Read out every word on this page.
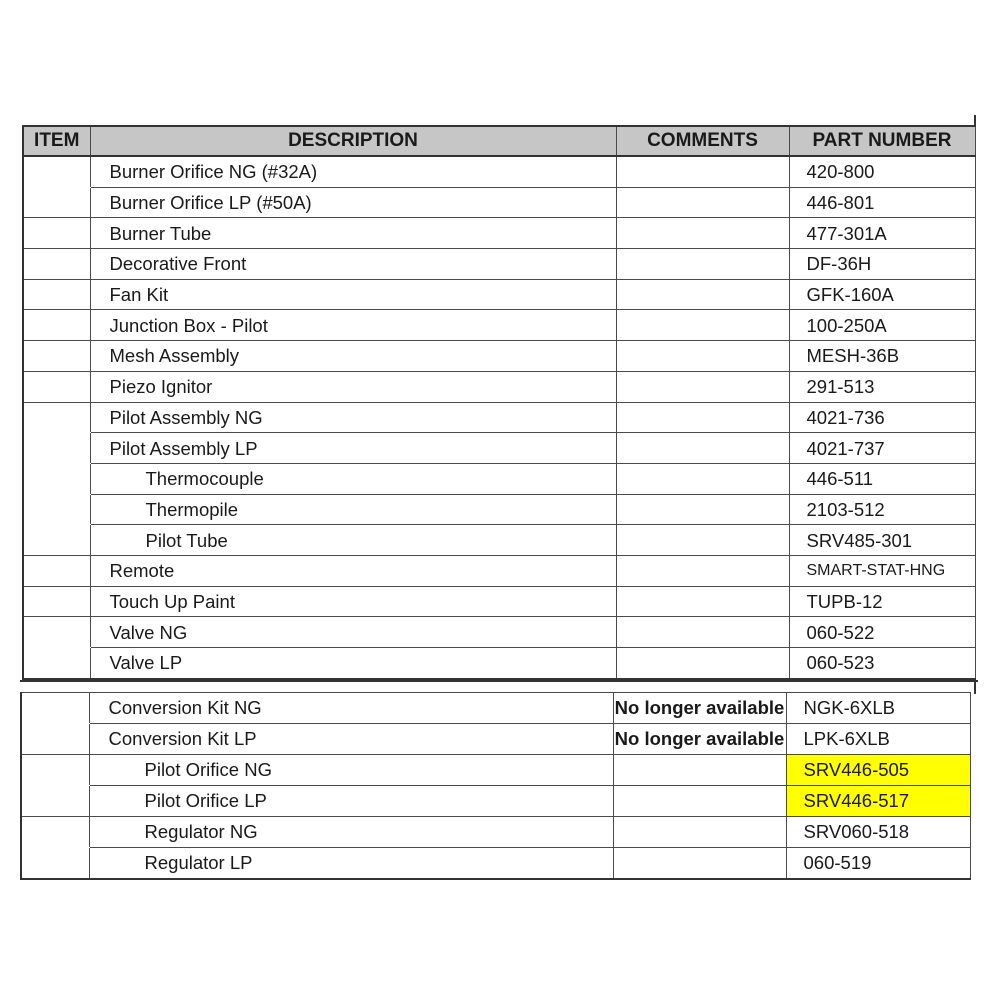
ITEM	DESCRIPTION	COMMENTS	PART NUMBER
	Burner Orifice NG (#32A)		420-800
	Burner Orifice LP (#50A)		446-801
	Burner Tube		477-301A
	Decorative Front		DF-36H
	Fan Kit		GFK-160A
	Junction Box - Pilot		100-250A
	Mesh Assembly		MESH-36B
	Piezo Ignitor		291-513
	Pilot Assembly NG		4021-736
	Pilot Assembly LP		4021-737
	Thermocouple		446-511
	Thermopile		2103-512
	Pilot Tube		SRV485-301
	Remote		SMART-STAT-HNG
	Touch Up Paint		TUPB-12
	Valve NG		060-522
	Valve LP		060-523
	Conversion Kit NG	No longer available	NGK-6XLB
	Conversion Kit LP	No longer available	LPK-6XLB
	Pilot Orifice NG		SRV446-505
	Pilot Orifice LP		SRV446-517
	Regulator NG		SRV060-518
	Regulator LP		060-519
